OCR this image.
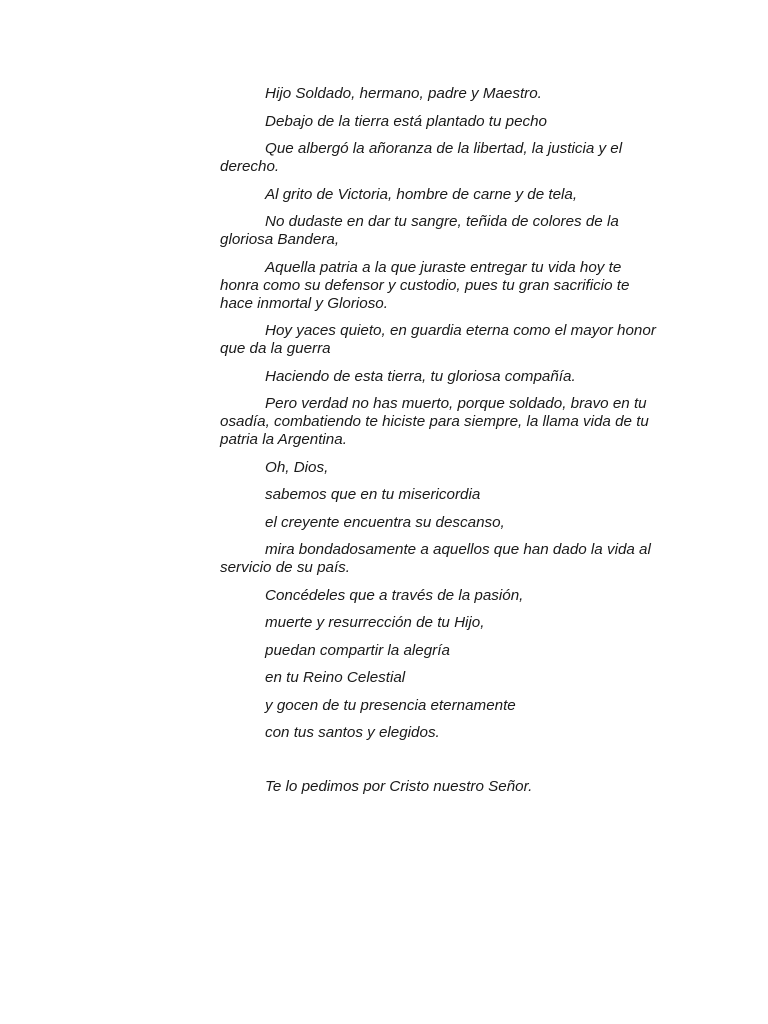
Hijo Soldado, hermano, padre y Maestro.

Debajo de la tierra está plantado tu pecho

Que albergó la añoranza de la libertad, la justicia y el derecho.

Al grito de Victoria, hombre de carne y de tela,

No dudaste en dar tu sangre, teñida de colores de la gloriosa Bandera,

Aquella patria a la que juraste entregar tu vida hoy te honra como su defensor y custodio, pues tu gran sacrificio te hace inmortal y Glorioso.

Hoy yaces quieto, en guardia eterna como el mayor honor que da la guerra

Haciendo de esta tierra, tu gloriosa compañía.

Pero verdad no has muerto, porque soldado, bravo en tu osadía, combatiendo te hiciste para siempre, la llama vida de tu patria la Argentina.

Oh, Dios,

sabemos que en tu misericordia

el creyente encuentra su descanso,

mira bondadosamente a aquellos que han dado la vida al servicio de su país.

Concédeles que a través de la pasión,

muerte y resurrección de tu Hijo,

puedan compartir la alegría

en tu Reino Celestial

y gocen de tu presencia eternamente

con tus santos y elegidos.

Te lo pedimos por Cristo nuestro Señor.
